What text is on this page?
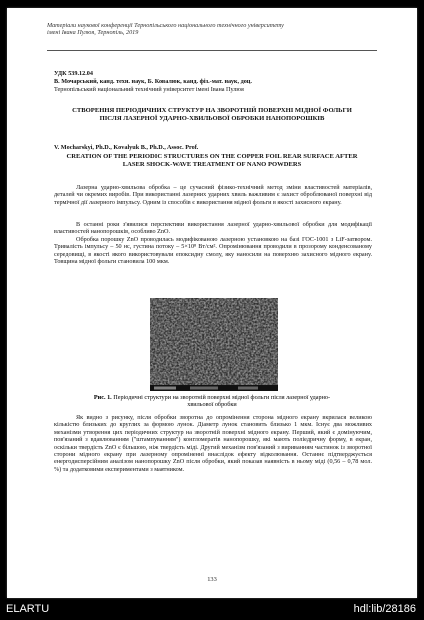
Матеріали наукової конференції Тернопільського національного технічного університету
імені Івана Пулюя, Тернопіль, 2019
УДК 539.12.04
В. Мочарський, канд. техн. наук, Б. Ковалюк, канд. фіз.-мат. наук, доц.
Тернопільський національний технічний університет імені Івана Пулюя
СТВОРЕННЯ ПЕРІОДИЧНИХ СТРУКТУР НА ЗВОРОТНІЙ ПОВЕРХНІ МІДНОЇ ФОЛЬГИ ПІСЛЯ ЛАЗЕРНОЇ УДАРНО-ХВИЛЬОВОЇ ОБРОБКИ НАНОПОРОШКІВ
V. Mocharskyi, Ph.D., Kovalyuk B., Ph.D., Assoc. Prof.
CREATION OF THE PERIODIC STRUCTURES ON THE COPPER FOIL REAR SURFACE AFTER LASER SHOCK-WAVE TREATMENT OF NANO POWDERS
Лазерна ударно-хвильова обробка – це сучасний фізико-технічний метод зміни властивостей матеріалів, деталей чи окремих виробів. При використанні лазерних ударних хвиль важливим є захист оброблюваної поверхні від термічної дії лазерного імпульсу. Одним із способів є використання мідної фольги в якості захисного екрану.
В останні роки з'явилися перспективи використання лазерної ударно-хвильової обробки для модифікації властивостей нанопорошків, особливо ZnO.
Обробка порошку ZnO проводилась модифікованою лазерною установкою на базі ГОС-1001 з LiF-затвором. Тривалість імпульсу – 50 нс, густина потоку – 5×10⁸ Вт/см². Опромінювання проводили в прозорому конденсованому середовищі, в якості якого використовували епоксидну смолу, яку наносили на поверхню захисного мідного екрану. Товщина мідної фольги становила 100 мкм.
Рис. 1. Періодичні структури на зворотній поверхні мідної фольги після лазерної ударно-хвильової обробки
Як видно з рисунку, після обробки зворотна до опромінення сторона мідного екрану вкрилася великою кількістю близьких до круглих за формою лунок. Діаметр лунок становить близько 1 мкм. Існує два можливих механізми утворення цих періодичних структур на зворотній поверхні мідного екрану. Перший, який є домінуючим, пов'язаний з вдавлюванням ("штампуванням") конгломератів нанопорошку, які мають поліедричну форму, в екран, оскільки твердість ZnO є більшою, ніж твердість міді. Другий механізм пов'язаний з виривaнням частинок із зворотної сторони мідного екрану при лазерному опроміненні внаслідок ефекту відколювання. Останнє підтверджується енергодисперсійним аналізом нанопорошку ZnO після обробки, який показав наявність в ньому міді (0,56 – 0,78 мол. %) та додатковими експериментами з маятником.
133
ELARTU	hdl:lib/28186
